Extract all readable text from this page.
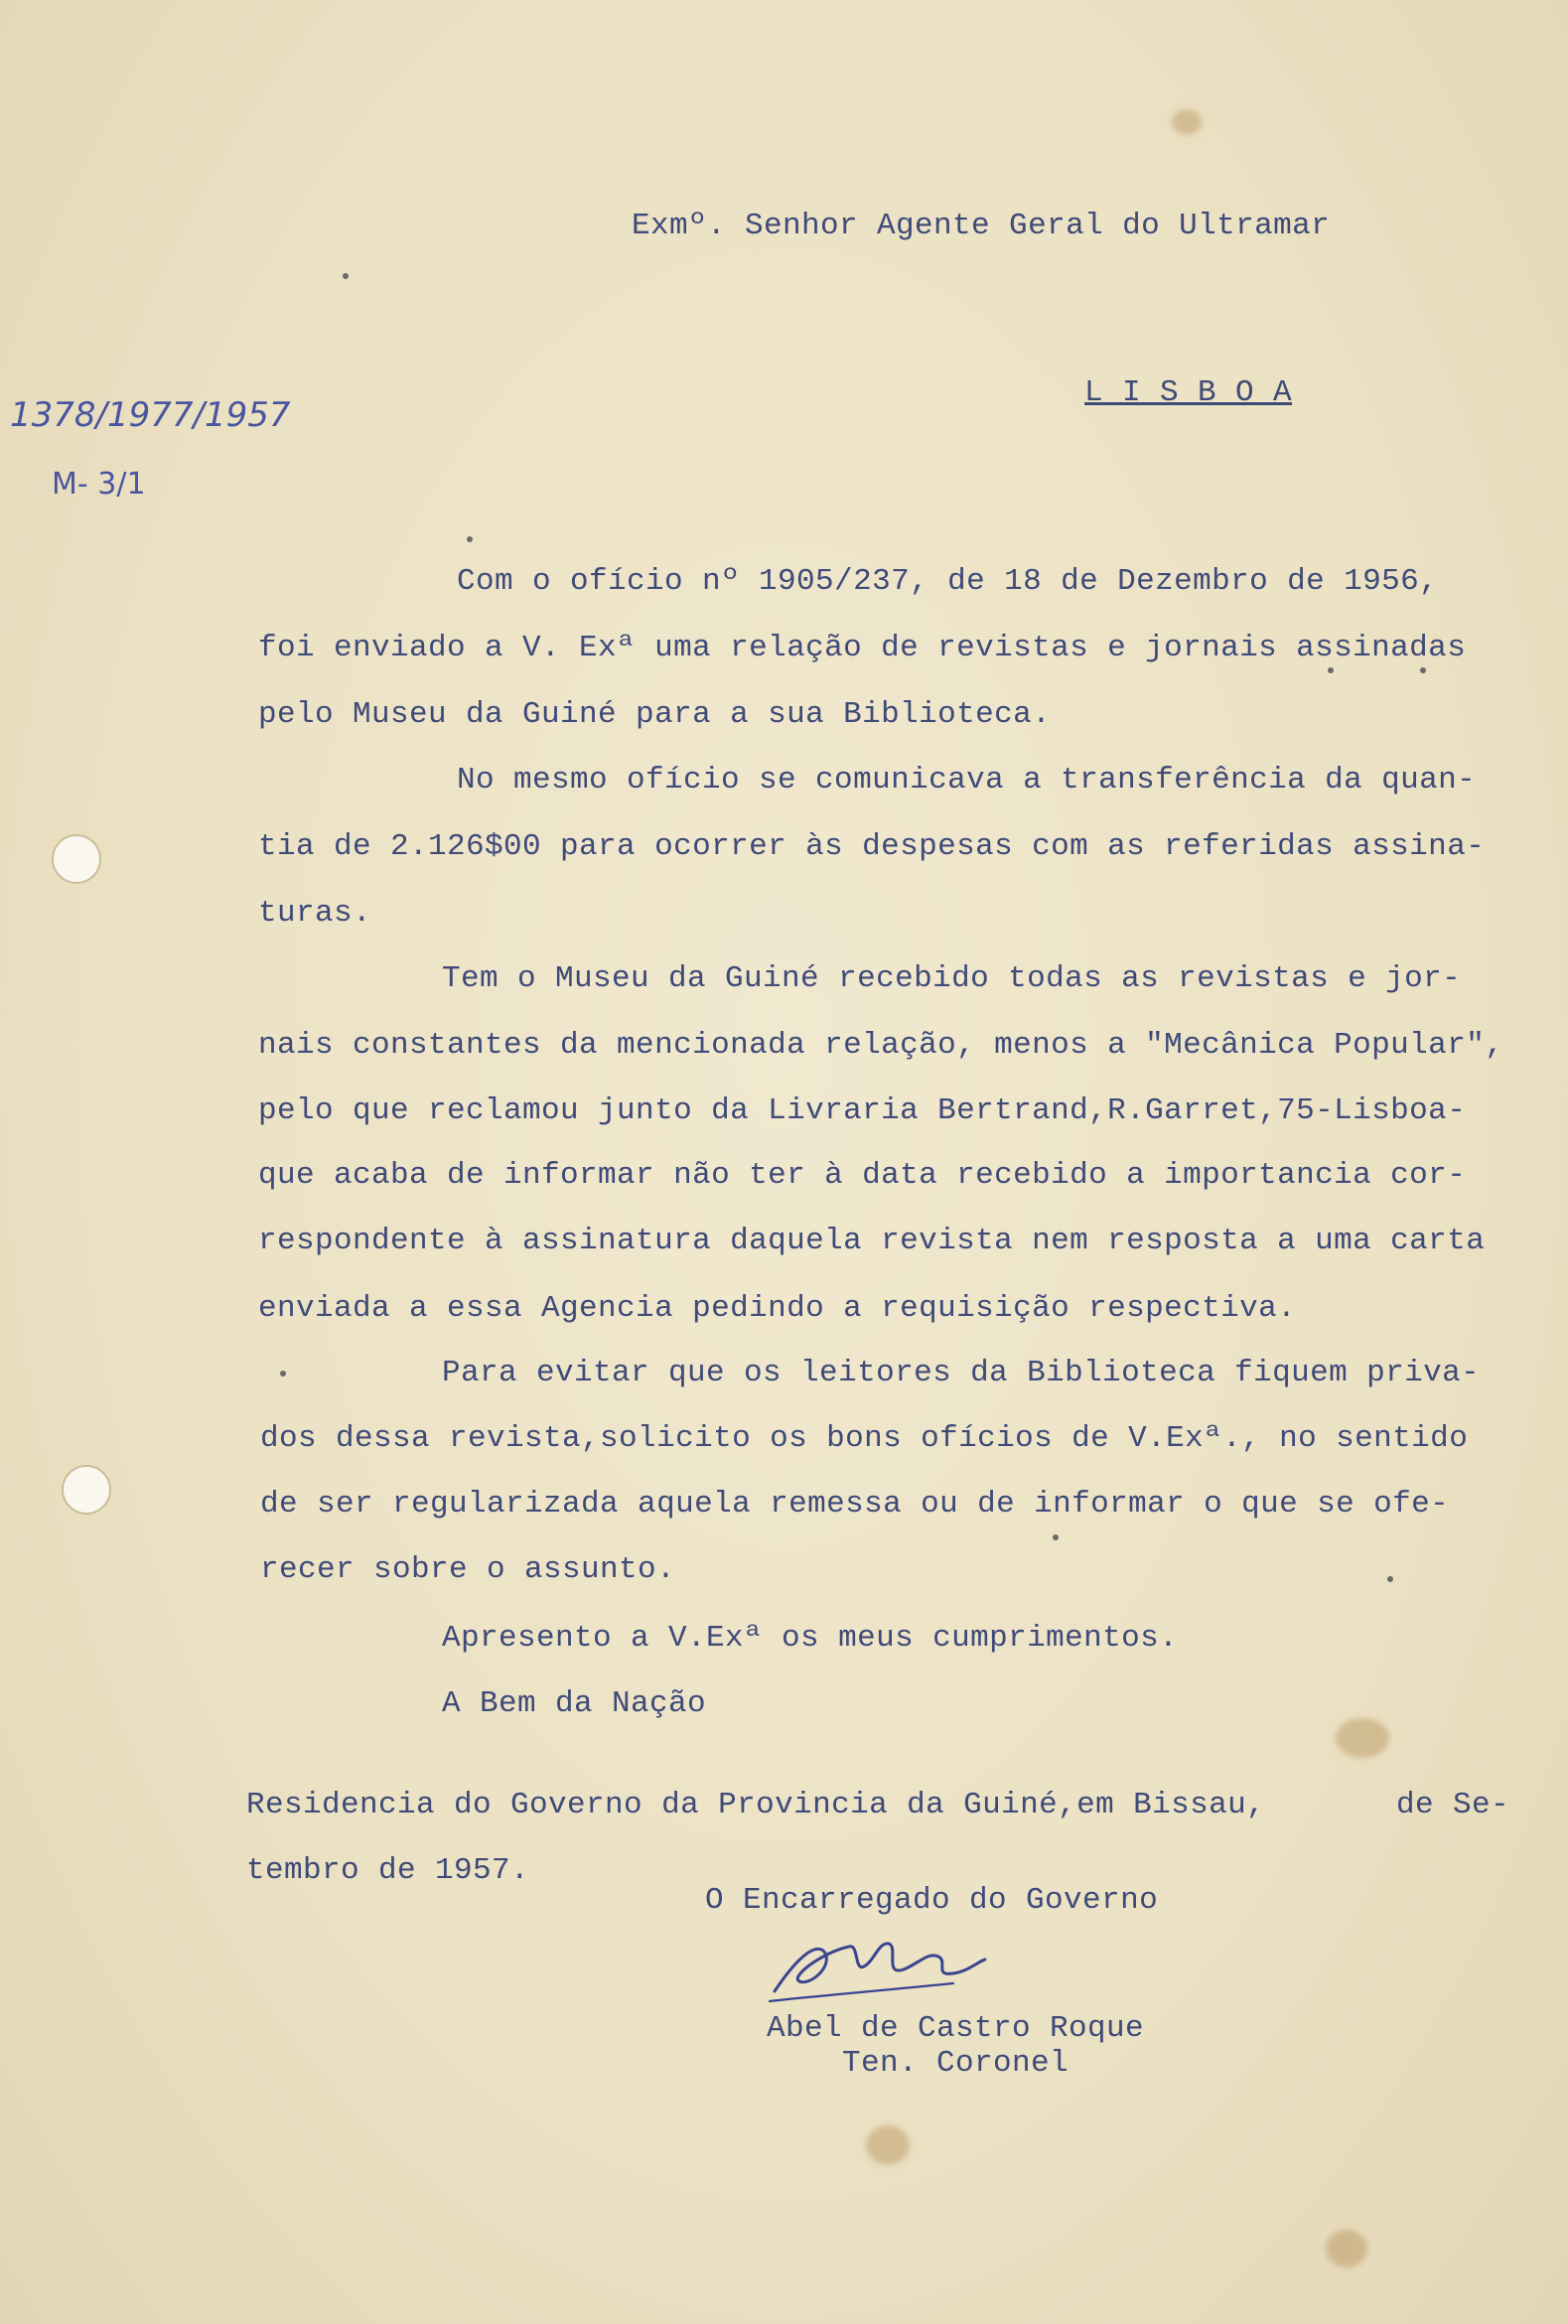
1378/1977/1957
M- 3/1
Exmº. Senhor Agente Geral do Ultramar
L I S B O A
Com o ofício nº 1905/237, de 18 de Dezembro de 1956,
foi enviado a V. Exª uma relação de revistas e jornais assinadas
pelo Museu da Guiné para a sua Biblioteca.
No mesmo ofício se comunicava a transferência da quan-
tia de 2.126$00 para ocorrer às despesas com as referidas assina-
turas.
Tem o Museu da Guiné recebido todas as revistas e jor-
nais constantes da mencionada relação, menos a "Mecânica Popular",
pelo que reclamou junto da Livraria Bertrand,R.Garret,75-Lisboa-
que acaba de informar não ter à data recebido a importancia cor-
respondente à assinatura daquela revista nem resposta a uma carta
enviada a essa Agencia pedindo a requisição respectiva.
Para evitar que os leitores da Biblioteca fiquem priva-
dos dessa revista,solicito os bons ofícios de V.Exª., no sentido
de ser regularizada aquela remessa ou de informar o que se ofe-
recer sobre o assunto.
Apresento a V.Exª os meus cumprimentos.
A Bem da Nação
Residencia do Governo da Provincia da Guiné,em Bissau,	de Se-
tembro de 1957.
O Encarregado do Governo
Abel de Castro Roque
Ten. Coronel
